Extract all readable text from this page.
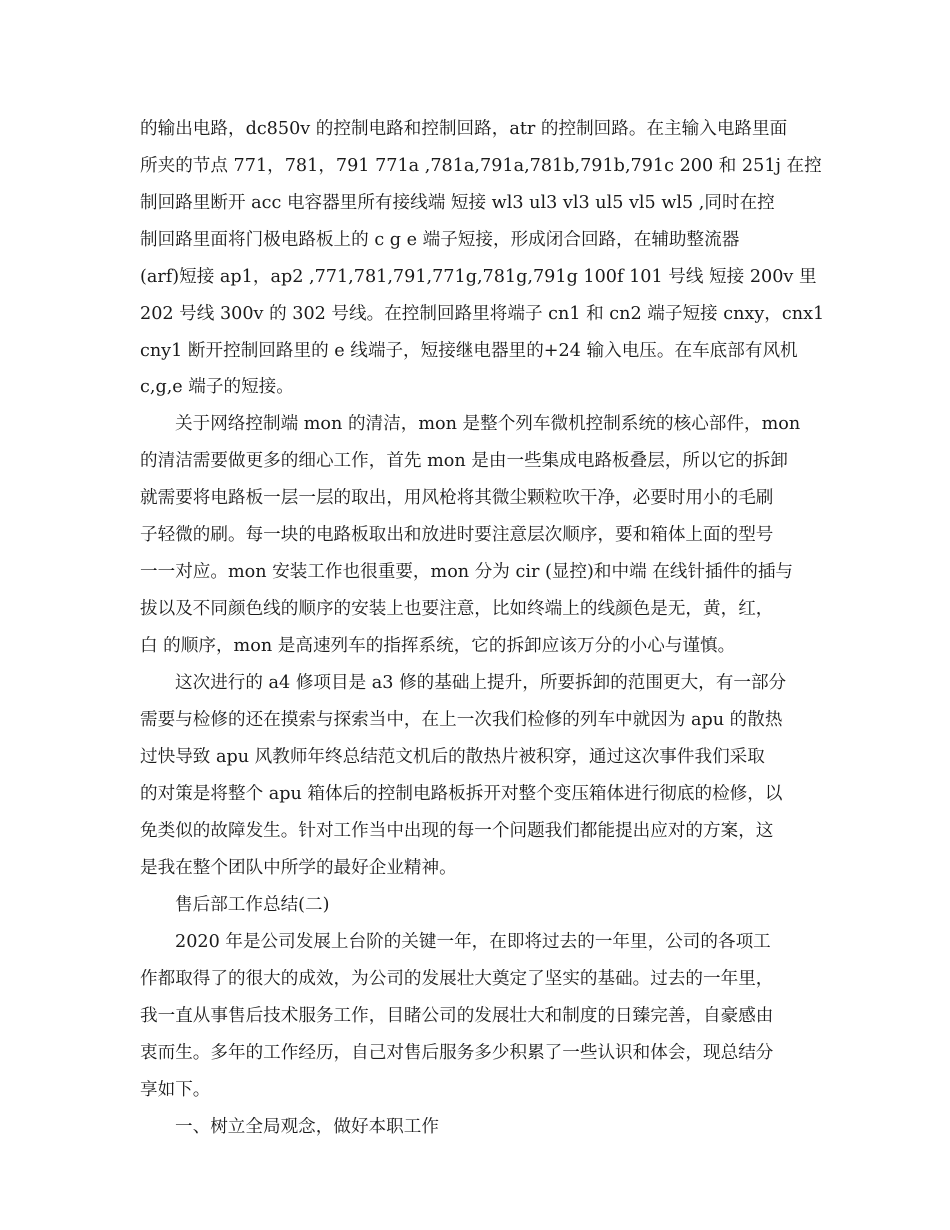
的输出电路，dc850v 的控制电路和控制回路，atr 的控制回路。在主输入电路里面
所夹的节点 771，781，791 771a ,781a,791a,781b,791b,791c 200 和 251j 在控
制回路里断开 acc 电容器里所有接线端 短接 wl3 ul3 vl3 ul5 vl5 wl5 ,同时在控
制回路里面将门极电路板上的 c g e 端子短接，形成闭合回路，在辅助整流器
(arf)短接 ap1，ap2 ,771,781,791,771g,781g,791g 100f 101 号线 短接 200v 里
202 号线 300v 的 302 号线。在控制回路里将端子 cn1 和 cn2 端子短接 cnxy，cnx1
cny1 断开控制回路里的 e 线端子，短接继电器里的+24 输入电压。在车底部有风机
c,g,e 端子的短接。
关于网络控制端 mon 的清洁，mon 是整个列车微机控制系统的核心部件，mon
的清洁需要做更多的细心工作，首先 mon 是由一些集成电路板叠层，所以它的拆卸
就需要将电路板一层一层的取出，用风枪将其微尘颗粒吹干净，必要时用小的毛刷
子轻微的刷。每一块的电路板取出和放进时要注意层次顺序，要和箱体上面的型号
一一对应。mon 安装工作也很重要，mon 分为 cir (显控)和中端 在线针插件的插与
拔以及不同颜色线的顺序的安装上也要注意，比如终端上的线颜色是无，黄，红，
白 的顺序，mon 是高速列车的指挥系统，它的拆卸应该万分的小心与谨慎。
这次进行的 a4 修项目是 a3 修的基础上提升，所要拆卸的范围更大，有一部分
需要与检修的还在摸索与探索当中，在上一次我们检修的列车中就因为 apu 的散热
过快导致 apu 风教师年终总结范文机后的散热片被积穿，通过这次事件我们采取
的对策是将整个 apu 箱体后的控制电路板拆开对整个变压箱体进行彻底的检修，以
免类似的故障发生。针对工作当中出现的每一个问题我们都能提出应对的方案，这
是我在整个团队中所学的最好企业精神。
售后部工作总结(二)
2020 年是公司发展上台阶的关键一年，在即将过去的一年里，公司的各项工
作都取得了的很大的成效，为公司的发展壮大奠定了坚实的基础。过去的一年里，
我一直从事售后技术服务工作，目睹公司的发展壮大和制度的日臻完善，自豪感由
衷而生。多年的工作经历，自己对售后服务多少积累了一些认识和体会，现总结分
享如下。
一、树立全局观念，做好本职工作
